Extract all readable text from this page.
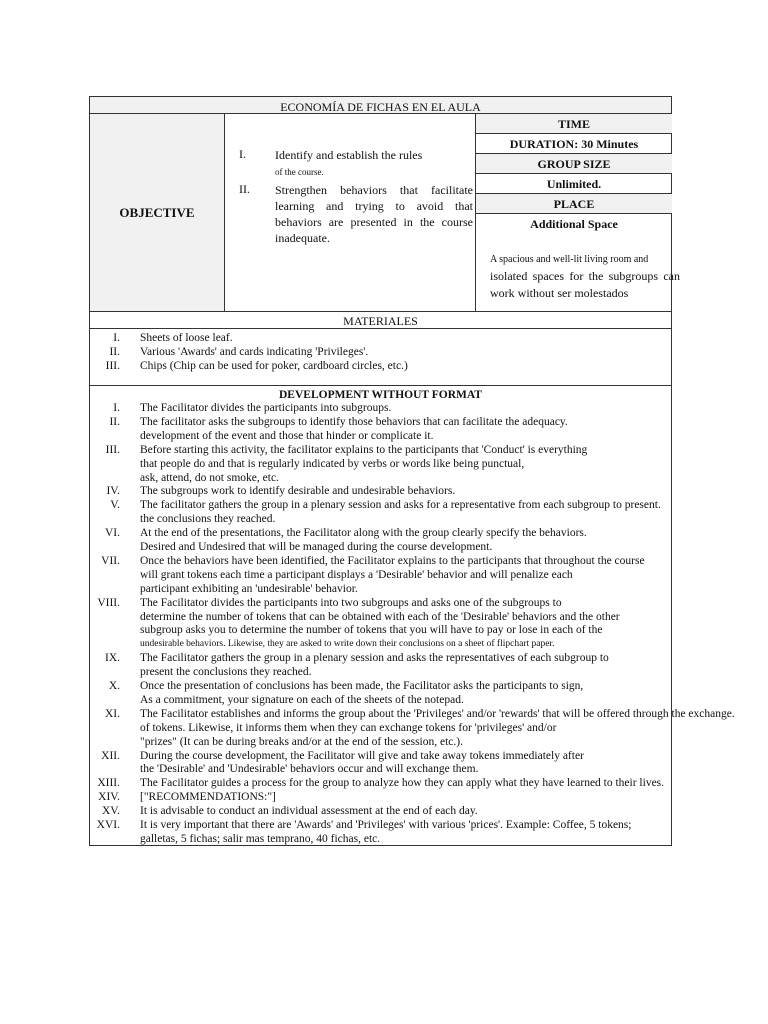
ECONOMÍA DE FICHAS EN EL AULA
OBJECTIVE
I.	Identify and establish the rules
of the course.
II.	Strengthen behaviors that facilitate learning and trying to avoid that behaviors are presented in the course inadequate.
TIME
DURATION: 30 Minutes
GROUP SIZE
Unlimited.
PLACE
Additional Space
A spacious and well-lit living room and
isolated spaces for the subgroups can work without ser molestados
MATERIALES
I. Sheets of loose leaf.
II. Various 'Awards' and cards indicating 'Privileges'.
III. Chips (Chip can be used for poker, cardboard circles, etc.)
DEVELOPMENT WITHOUT FORMAT
I. The Facilitator divides the participants into subgroups.
II. The facilitator asks the subgroups to identify those behaviors that can facilitate the adequacy.
development of the event and those that hinder or complicate it.
III. Before starting this activity, the facilitator explains to the participants that 'Conduct' is everything
that people do and that is regularly indicated by verbs or words like being punctual,
ask, attend, do not smoke, etc.
IV. The subgroups work to identify desirable and undesirable behaviors.
V. The facilitator gathers the group in a plenary session and asks for a representative from each subgroup to present.
the conclusions they reached.
VI. At the end of the presentations, the Facilitator along with the group clearly specify the behaviors.
Desired and Undesired that will be managed during the course development.
VII. Once the behaviors have been identified, the Facilitator explains to the participants that throughout the course
will grant tokens each time a participant displays a 'Desirable' behavior and will penalize each
participant exhibiting an 'undesirable' behavior.
VIII. The Facilitator divides the participants into two subgroups and asks one of the subgroups to
determine the number of tokens that can be obtained with each of the 'Desirable' behaviors and the other
subgroup asks you to determine the number of tokens that you will have to pay or lose in each of the
undesirable behaviors. Likewise, they are asked to write down their conclusions on a sheet of flipchart paper.
IX. The Facilitator gathers the group in a plenary session and asks the representatives of each subgroup to
present the conclusions they reached.
X. Once the presentation of conclusions has been made, the Facilitator asks the participants to sign,
As a commitment, your signature on each of the sheets of the notepad.
XI. The Facilitator establishes and informs the group about the 'Privileges' and/or 'rewards' that will be offered through the exchange.
of tokens. Likewise, it informs them when they can exchange tokens for 'privileges' and/or
"prizes" (It can be during breaks and/or at the end of the session, etc.).
XII. During the course development, the Facilitator will give and take away tokens immediately after
the 'Desirable' and 'Undesirable' behaviors occur and will exchange them.
XIII. The Facilitator guides a process for the group to analyze how they can apply what they have learned to their lives.
XIV. ["RECOMMENDATIONS:"]
XV. It is advisable to conduct an individual assessment at the end of each day.
XVI. It is very important that there are 'Awards' and 'Privileges' with various 'prices'. Example: Coffee, 5 tokens;
galletas, 5 fichas; salir mas temprano, 40 fichas, etc.
